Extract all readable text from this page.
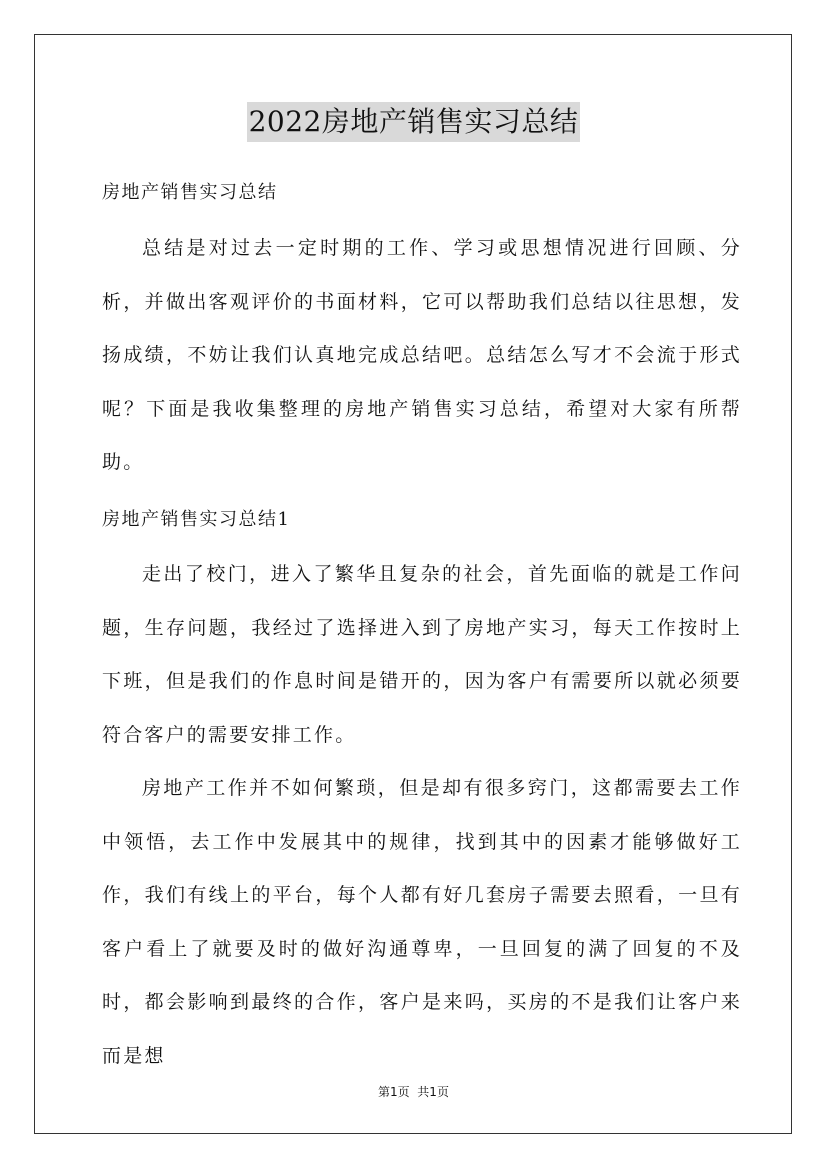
2022房地产销售实习总结
房地产销售实习总结

总结是对过去一定时期的工作、学习或思想情况进行回顾、分析，并做出客观评价的书面材料，它可以帮助我们总结以往思想，发扬成绩，不妨让我们认真地完成总结吧。总结怎么写才不会流于形式呢？下面是我收集整理的房地产销售实习总结，希望对大家有所帮助。

房地产销售实习总结1

走出了校门，进入了繁华且复杂的社会，首先面临的就是工作问题，生存问题，我经过了选择进入到了房地产实习，每天工作按时上下班，但是我们的作息时间是错开的，因为客户有需要所以就必须要符合客户的需要安排工作。

房地产工作并不如何繁琐，但是却有很多窍门，这都需要去工作中领悟，去工作中发展其中的规律，找到其中的因素才能够做好工作，我们有线上的平台，每个人都有好几套房子需要去照看，一旦有客户看上了就要及时的做好沟通尊卑，一旦回复的满了回复的不及时，都会影响到最终的合作，客户是来吗，买房的不是我们让客户来而是想

第1页  共1页
